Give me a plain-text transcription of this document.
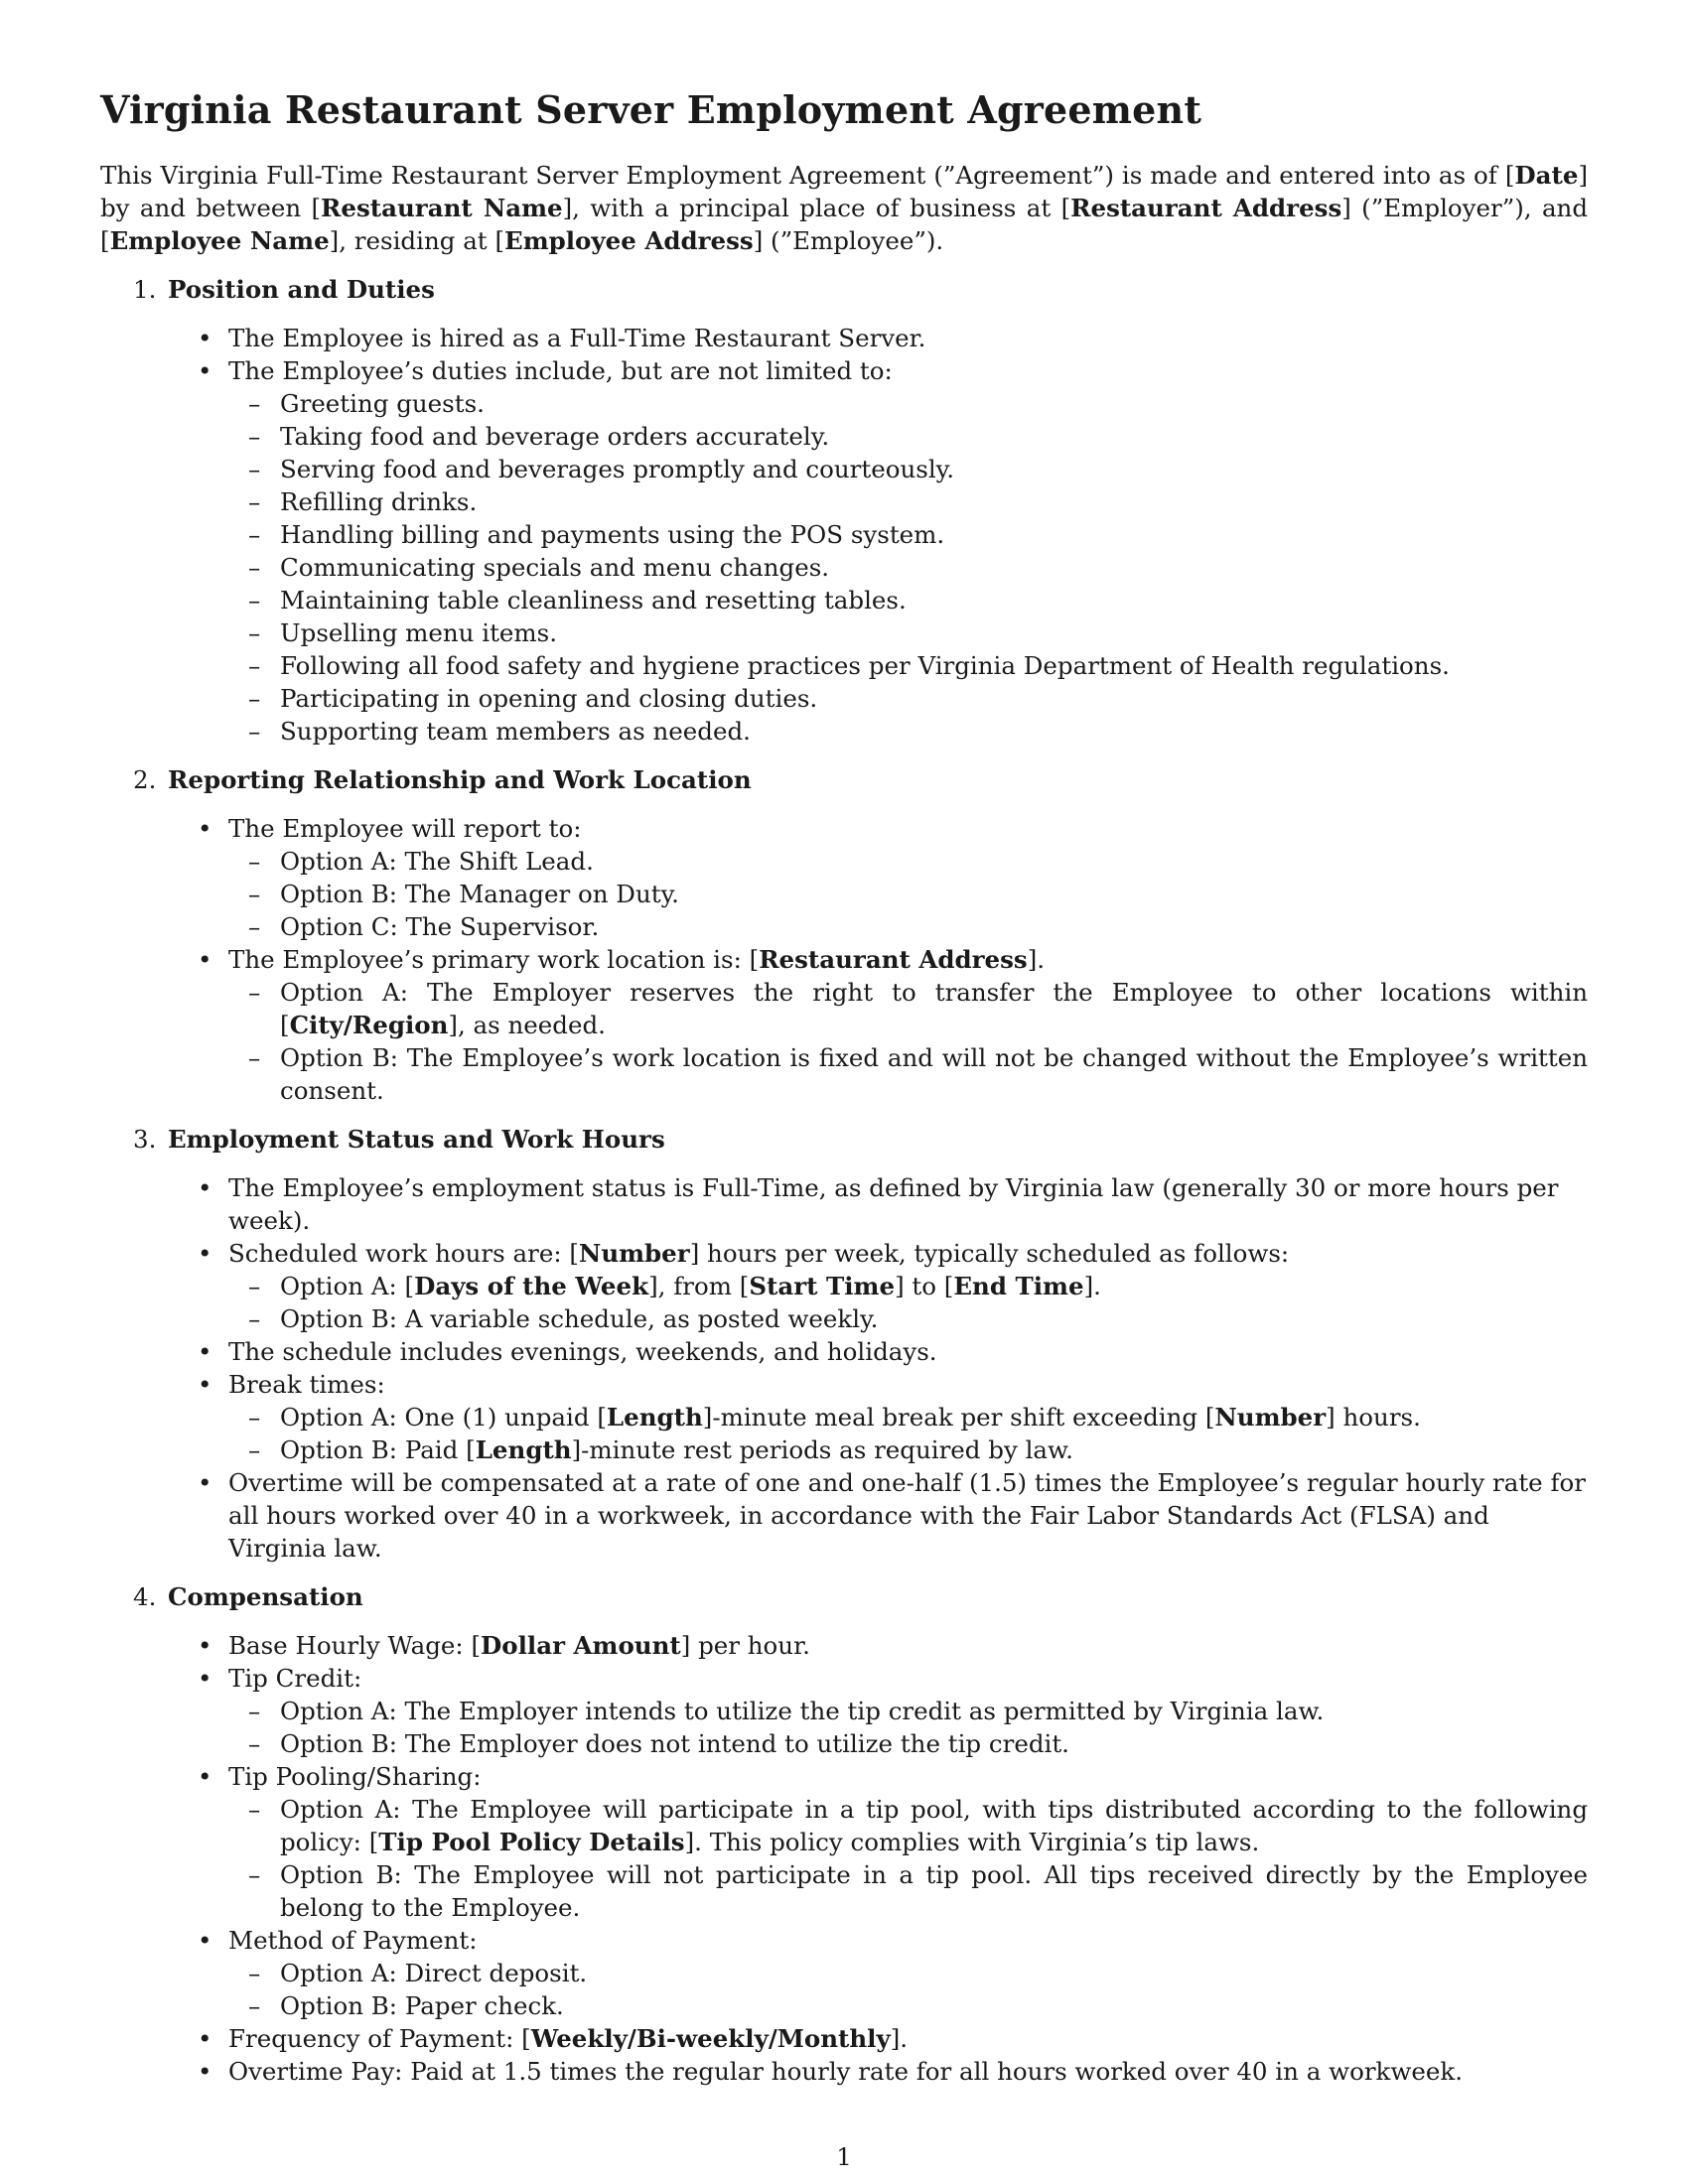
Virginia Restaurant Server Employment Agreement

This Virginia Full-Time Restaurant Server Employment Agreement (”Agreement”) is made and entered into as of [Date] by and between [Restaurant Name], with a principal place of business at [Restaurant Address] (”Employer”), and [Employee Name], residing at [Employee Address] (”Employee”).

1. Position and Duties
• The Employee is hired as a Full-Time Restaurant Server.
• The Employee’s duties include, but are not limited to:
– Greeting guests.
– Taking food and beverage orders accurately.
– Serving food and beverages promptly and courteously.
– Refilling drinks.
– Handling billing and payments using the POS system.
– Communicating specials and menu changes.
– Maintaining table cleanliness and resetting tables.
– Upselling menu items.
– Following all food safety and hygiene practices per Virginia Department of Health regulations.
– Participating in opening and closing duties.
– Supporting team members as needed.
2. Reporting Relationship and Work Location
• The Employee will report to:
– Option A: The Shift Lead.
– Option B: The Manager on Duty.
– Option C: The Supervisor.
• The Employee’s primary work location is: [Restaurant Address].
– Option A: The Employer reserves the right to transfer the Employee to other locations within [City/Region], as needed.
– Option B: The Employee’s work location is fixed and will not be changed without the Employee’s written consent.
3. Employment Status and Work Hours
• The Employee’s employment status is Full-Time, as defined by Virginia law (generally 30 or more hours per week).
• Scheduled work hours are: [Number] hours per week, typically scheduled as follows:
– Option A: [Days of the Week], from [Start Time] to [End Time].
– Option B: A variable schedule, as posted weekly.
• The schedule includes evenings, weekends, and holidays.
• Break times:
– Option A: One (1) unpaid [Length]-minute meal break per shift exceeding [Number] hours.
– Option B: Paid [Length]-minute rest periods as required by law.
• Overtime will be compensated at a rate of one and one-half (1.5) times the Employee’s regular hourly rate for all hours worked over 40 in a workweek, in accordance with the Fair Labor Standards Act (FLSA) and Virginia law.
4. Compensation
• Base Hourly Wage: [Dollar Amount] per hour.
• Tip Credit:
– Option A: The Employer intends to utilize the tip credit as permitted by Virginia law.
– Option B: The Employer does not intend to utilize the tip credit.
• Tip Pooling/Sharing:
– Option A: The Employee will participate in a tip pool, with tips distributed according to the following policy: [Tip Pool Policy Details]. This policy complies with Virginia’s tip laws.
– Option B: The Employee will not participate in a tip pool. All tips received directly by the Employee belong to the Employee.
• Method of Payment:
– Option A: Direct deposit.
– Option B: Paper check.
• Frequency of Payment: [Weekly/Bi-weekly/Monthly].
• Overtime Pay: Paid at 1.5 times the regular hourly rate for all hours worked over 40 in a workweek.
1
